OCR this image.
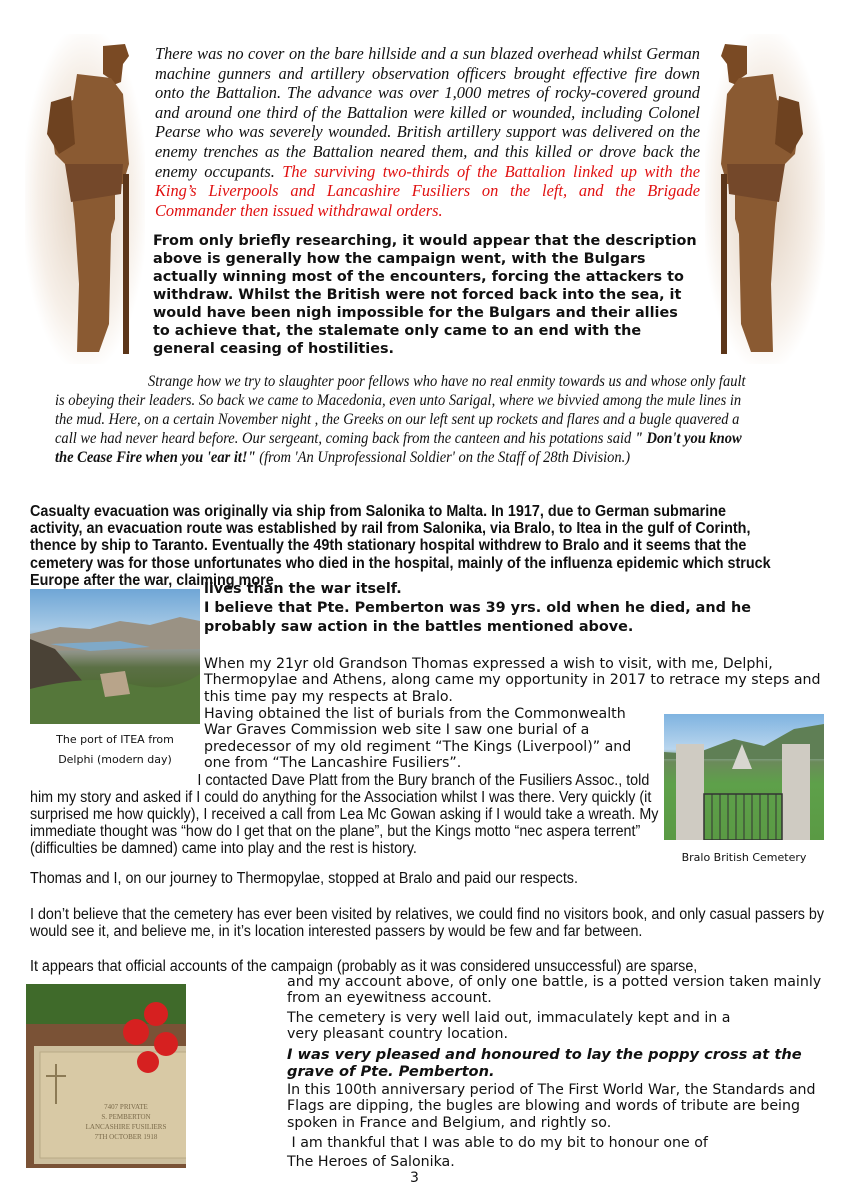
There was no cover on the bare hillside and a sun blazed overhead whilst German machine gunners and artillery observation officers brought effective fire down onto the Battalion. The advance was over 1,000 metres of rocky-covered ground and around one third of the Battalion were killed or wounded, including Colonel Pearse who was severely wounded. British artillery support was delivered on the enemy trenches as the Battalion neared them, and this killed or drove back the enemy occupants. The surviving two-thirds of the Battalion linked up with the King’s Liverpools and Lancashire Fusiliers on the left, and the Brigade Commander then issued withdrawal orders.
From only briefly researching, it would appear that the description above is generally how the campaign went, with the Bulgars actually winning most of the encounters, forcing the attackers to withdraw. Whilst the British were not forced back into the sea, it would have been nigh impossible for the Bulgars and their allies to achieve that, the stalemate only came to an end with the general ceasing of hostilities.
Strange how we try to slaughter poor fellows who have no real enmity towards us and whose only fault is obeying their leaders. So back we came to Macedonia, even unto Sarigal, where we bivvied among the mule lines in the mud. Here, on a certain November night , the Greeks on our left sent up rockets and flares and a bugle quavered a call we had never heard before. Our sergeant, coming back from the canteen and his potations said " Don't you know the Cease Fire when you 'ear it!" (from 'An Unprofessional Soldier' on the Staff of 28th Division.)
Casualty evacuation was originally via ship from Salonika to Malta. In 1917, due to German submarine activity, an evacuation route was established by rail from Salonika, via Bralo, to Itea in the gulf of Corinth, thence by ship to Taranto. Eventually the 49th stationary hospital withdrew to Bralo and it seems that the cemetery was for those unfortunates who died in the hospital, mainly of the influenza epidemic which struck Europe after the war, claiming more
The port of ITEA from
Delphi (modern day)
lives than the war itself.
I believe that Pte. Pemberton was 39 yrs. old when he died, and he probably saw action in the battles mentioned above.
When my 21yr old Grandson Thomas expressed a wish to visit, with me, Delphi, Thermopylae and Athens, along came my opportunity in 2017 to retrace my steps and this time pay my respects at Bralo.
Having obtained the list of burials from the Commonwealth War Graves Commission web site I saw one burial of a predecessor of my old regiment “The Kings (Liverpool)” and one from “The Lancashire Fusiliers”.
Bralo British Cemetery
I contacted Dave Platt from the Bury branch of the Fusiliers Assoc., told him my story and asked if I could do anything for the Association whilst I was there. Very quickly (it surprised me how quickly), I received a call from Lea Mc Gowan asking if I would take a wreath. My immediate thought was “how do I get that on the plane”, but the Kings motto “nec aspera terrent” (difficulties be damned) came into play and the rest is history.
Thomas and I, on our journey to Thermopylae, stopped at Bralo and paid our respects.
I don’t believe that the cemetery has ever been visited by relatives, we could find no visitors book, and only casual passers by would see it, and believe me, in it’s location interested passers by would be few and far between.
It appears that official accounts of the campaign (probably as it was considered unsuccessful) are sparse,
7407 PRIVATE
S. PEMBERTON
LANCASHIRE FUSILIERS
7TH OCTOBER 1918
and my account above, of only one battle, is a potted version taken mainly from an eyewitness account.
The cemetery is very well laid out, immaculately kept and in a very pleasant country location.
I was very pleased and honoured to lay the poppy cross at the grave of Pte. Pemberton.
In this 100th anniversary period of The First World War, the Standards and Flags are dipping, the bugles are blowing and words of tribute are being spoken in France and Belgium, and rightly so.
I am thankful that I was able to do my bit to honour one of
The Heroes of Salonika.
3
